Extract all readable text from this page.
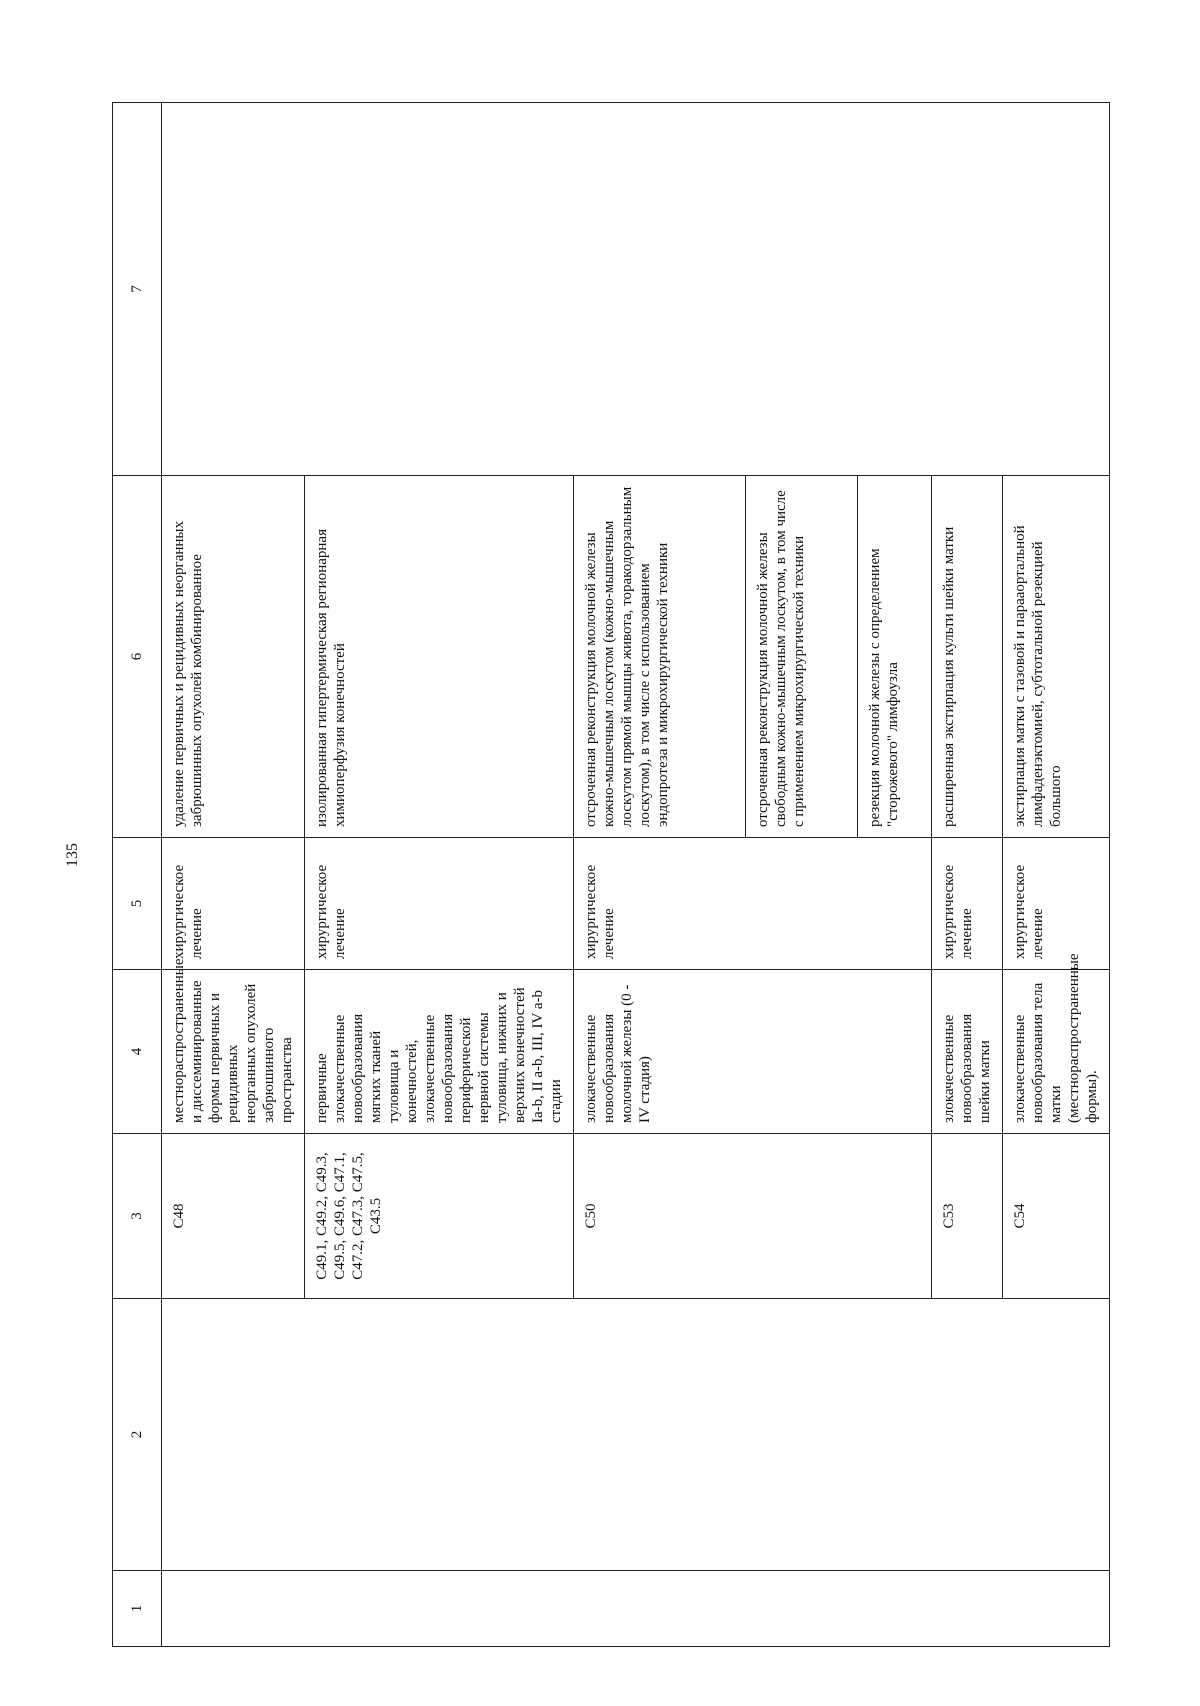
135
1	2	3	4	5	6	7
		C48	местнораспространенные и диссеминированные формы первичных и рецидивных неорганных опухолей забрюшинного пространства	хирургическое лечение	удаление первичных и рецидивных неорганных забрюшинных опухолей комбинированное	
		C49.1, C49.2, C49.3, C49.5, C49.6, C47.1, C47.2, C47.3, C47.5, C43.5	первичные злокачественные новообразования мягких тканей туловища и конечностей, злокачественные новообразования периферической нервной системы туловища, нижних и верхних конечностей Ia-b, II a-b, III, IV a-b стадии	хирургическое лечение	изолированная гипертермическая регионарная химиоперфузия конечностей	
		C50	злокачественные новообразования молочной железы (0 - IV стадия)	хирургическое лечение	отсроченная реконструкция молочной железы кожно-мышечным лоскутом (кожно-мышечным лоскутом прямой мышцы живота, торакодорзальным лоскутом), в том числе с использованием эндопротеза и микрохирургической техники	
					отсроченная реконструкция молочной железы свободным кожно-мышечным лоскутом, в том числе с применением микрохирургической техники	
					резекция молочной железы с определением "сторожевого" лимфоузла	
		C53	злокачественные новообразования шейки матки	хирургическое лечение	расширенная экстирпация культи шейки матки	
		C54	злокачественные новообразования тела матки (местнораспространенные формы).	хирургическое лечение	экстирпация матки с тазовой и парааортальной лимфаденэктомией, субтотальной резекцией большого	
